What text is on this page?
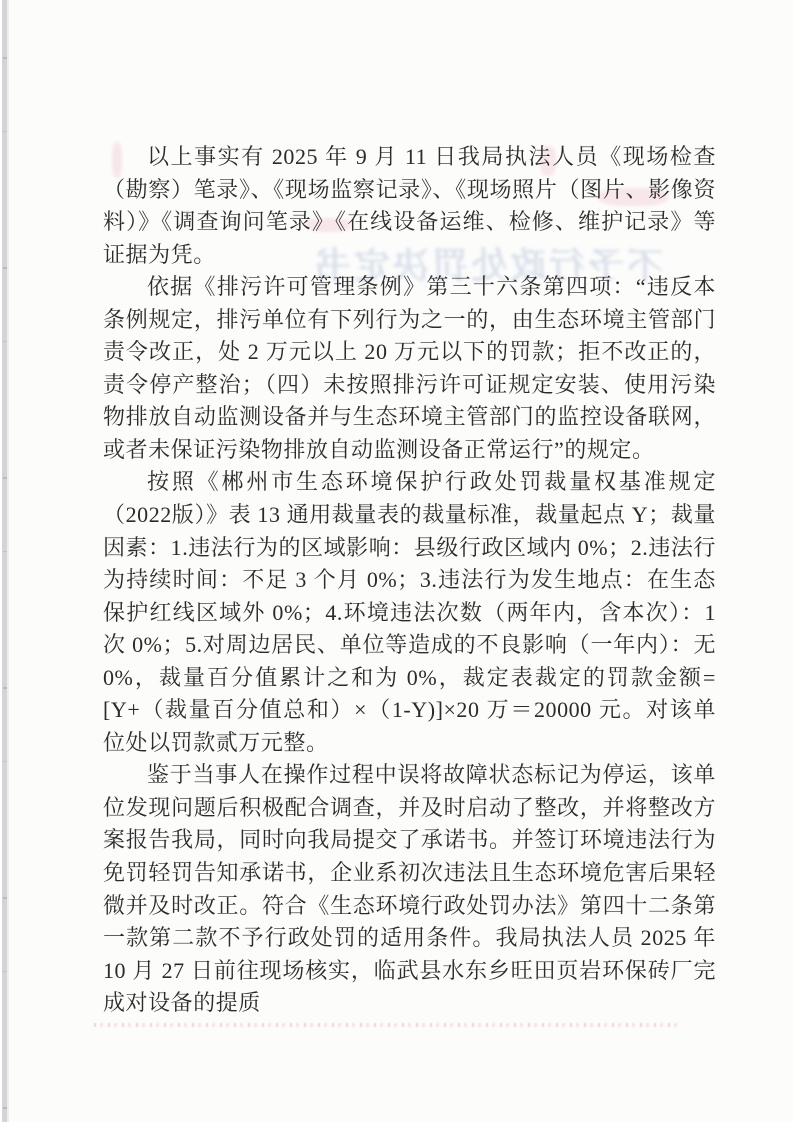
不予行政处罚决定书

以上事实有 2025 年 9 月 11 日我局执法人员《现场检查（勘察）笔录》、《现场监察记录》、《现场照片（图片、影像资料）》《调查询问笔录》《在线设备运维、检修、维护记录》等证据为凭。

依据《排污许可管理条例》第三十六条第四项：“违反本条例规定，排污单位有下列行为之一的，由生态环境主管部门责令改正，处 2 万元以上 20 万元以下的罚款；拒不改正的，责令停产整治；（四）未按照排污许可证规定安装、使用污染物排放自动监测设备并与生态环境主管部门的监控设备联网，或者未保证污染物排放自动监测设备正常运行”的规定。

按照《郴州市生态环境保护行政处罚裁量权基准规定（2022版）》表 13 通用裁量表的裁量标准，裁量起点 Y；裁量因素：1.违法行为的区域影响：县级行政区域内 0%；2.违法行为持续时间：不足 3 个月 0%；3.违法行为发生地点：在生态保护红线区域外 0%；4.环境违法次数（两年内，含本次）：1 次 0%；5.对周边居民、单位等造成的不良影响（一年内）：无 0%，裁量百分值累计之和为 0%，裁定表裁定的罚款金额=[Y+（裁量百分值总和）×（1-Y)]×20 万＝20000 元。对该单位处以罚款贰万元整。

鉴于当事人在操作过程中误将故障状态标记为停运，该单位发现问题后积极配合调查，并及时启动了整改，并将整改方案报告我局，同时向我局提交了承诺书。并签订环境违法行为免罚轻罚告知承诺书，企业系初次违法且生态环境危害后果轻微并及时改正。符合《生态环境行政处罚办法》第四十二条第一款第二款不予行政处罚的适用条件。我局执法人员 2025 年 10 月 27 日前往现场核实，临武县水东乡旺田页岩环保砖厂完成对设备的提质
